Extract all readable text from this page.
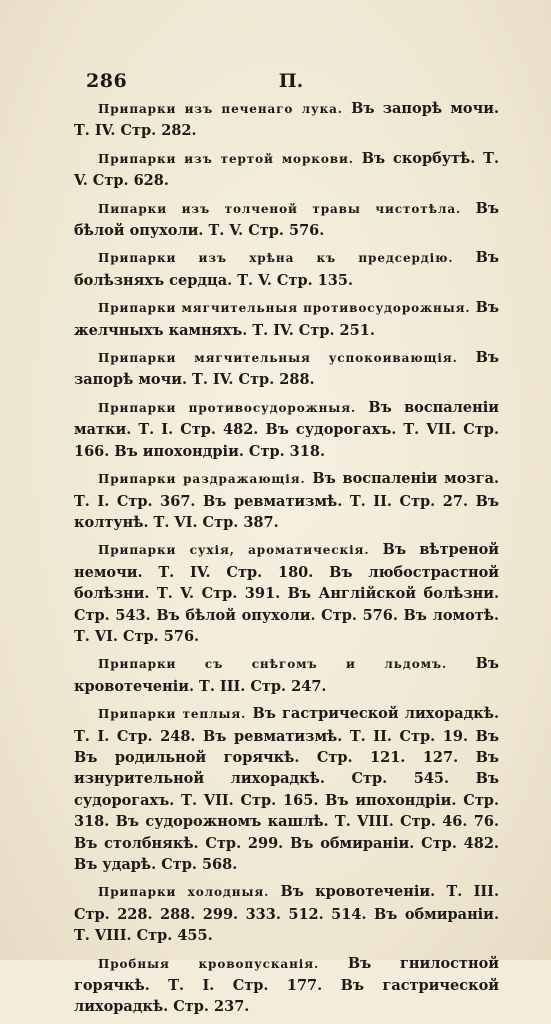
286	П.

Припарки изъ печенаго лука. Въ запорѣ мочи. Т. IV. Стр. 282.

Припарки изъ тертой моркови. Въ скорбутѣ. Т. V. Стр. 628.

Пипарки изъ толченой травы чистотѣла. Въ бѣлой опухоли. Т. V. Стр. 576.

Припарки изъ хрѣна къ предсердію. Въ болѣзняхъ сердца. Т. V. Стр. 135.

Припарки мягчительныя противосудорожныя. Въ желчныхъ камняхъ. Т. IV. Стр. 251.

Припарки мягчительныя успокоивающія. Въ запорѣ мочи. Т. IV. Стр. 288.

Припарки противосудорожныя. Въ воспаленіи матки. Т. I. Стр. 482. Въ судорогахъ. Т. VII. Стр. 166. Въ ипохондріи. Стр. 318.

Припарки раздражающія. Въ воспаленіи мозга. Т. I. Стр. 367. Въ ревматизмѣ. Т. II. Стр. 27. Въ колтунѣ. Т. VI. Стр. 387.

Припарки сухія, ароматическія. Въ вѣтреной немочи. Т. IV. Стр. 180. Въ любострастной болѣзни. Т. V. Стр. 391. Въ Англійской болѣзни. Стр. 543. Въ бѣлой опухоли. Стр. 576. Въ ломотѣ. Т. VI. Стр. 576.

Припарки съ снѣгомъ и льдомъ. Въ кровотеченіи. Т. III. Стр. 247.

Припарки теплыя. Въ гастрической лихорадкѣ. Т. I. Стр. 248. Въ ревматизмѣ. Т. II. Стр. 19. Въ Въ родильной горячкѣ. Стр. 121. 127. Въ изнурительной лихорадкѣ. Стр. 545. Въ судорогахъ. Т. VII. Стр. 165. Въ ипохондріи. Стр. 318. Въ судорожномъ кашлѣ. Т. VIII. Стр. 46. 76. Въ столбнякѣ. Стр. 299. Въ обмираніи. Стр. 482. Въ ударѣ. Стр. 568.

Припарки холодныя. Въ кровотеченіи. Т. III. Стр. 228. 288. 299. 333. 512. 514. Въ обмираніи. Т. VIII. Стр. 455.

Пробныя кровопусканія. Въ гнилостной горячкѣ. Т. I. Стр. 177. Въ гастрической лихорадкѣ. Стр. 237.
